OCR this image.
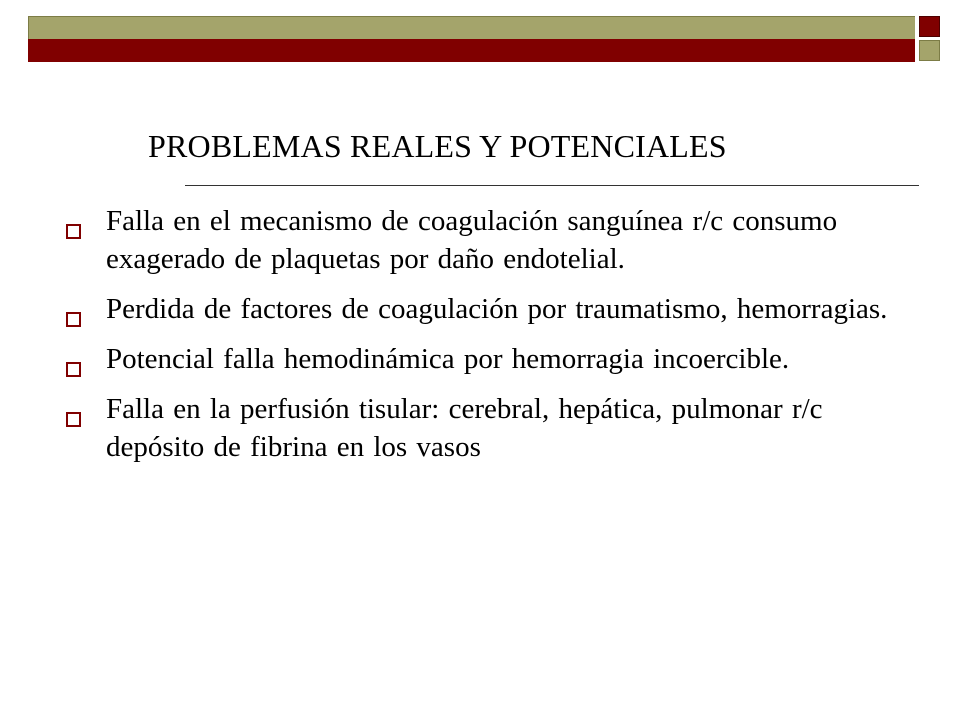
PROBLEMAS REALES Y POTENCIALES
Falla en el mecanismo de coagulación sanguínea r/c consumo exagerado de plaquetas por daño endotelial.
Perdida de factores de coagulación por traumatismo, hemorragias.
Potencial falla hemodinámica por hemorragia incoercible.
Falla en la perfusión tisular: cerebral, hepática, pulmonar r/c depósito de fibrina en los vasos
